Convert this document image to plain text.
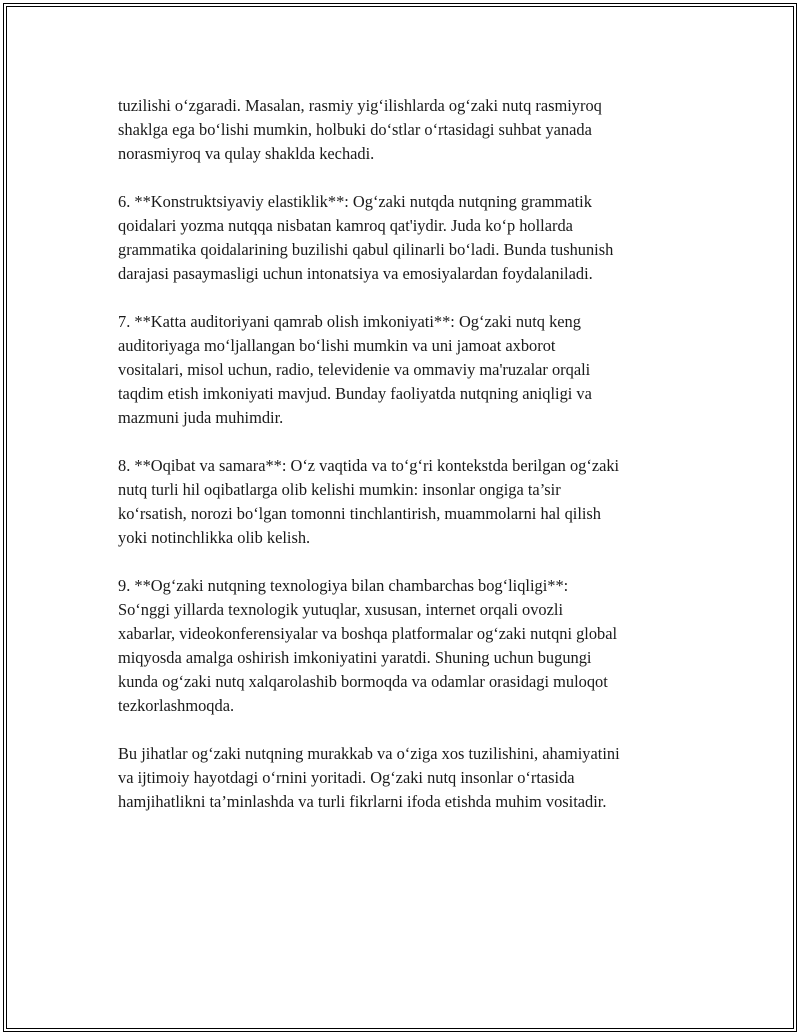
tuzilishi o‘zgaradi. Masalan, rasmiy yig‘ilishlarda og‘zaki nutq rasmiyroq
shaklga ega bo‘lishi mumkin, holbuki do‘stlar o‘rtasidagi suhbat yanada
norasmiyroq va qulay shaklda kechadi.

6. **Konstruktsiyaviy elastiklik**: Og‘zaki nutqda nutqning grammatik
qoidalari yozma nutqqa nisbatan kamroq qat'iydir. Juda ko‘p hollarda
grammatika qoidalarining buzilishi qabul qilinarli bo‘ladi. Bunda tushunish
darajasi pasaymasligi uchun intonatsiya va emosiyalardan foydalaniladi.

7. **Katta auditoriyani qamrab olish imkoniyati**: Og‘zaki nutq keng
auditoriyaga mo‘ljallangan bo‘lishi mumkin va uni jamoat axborot
vositalari, misol uchun, radio, televidenie va ommaviy ma'ruzalar orqali
taqdim etish imkoniyati mavjud. Bunday faoliyatda nutqning aniqligi va
mazmuni juda muhimdir.

8. **Oqibat va samara**: O‘z vaqtida va to‘g‘ri kontekstda berilgan og‘zaki
nutq turli hil oqibatlarga olib kelishi mumkin: insonlar ongiga ta’sir
ko‘rsatish, norozi bo‘lgan tomonni tinchlantirish, muammolarni hal qilish
yoki notinchlikka olib kelish.

9. **Og‘zaki nutqning texnologiya bilan chambarchas bog‘liqligi**:
So‘nggi yillarda texnologik yutuqlar, xususan, internet orqali ovozli
xabarlar, videokonferensiyalar va boshqa platformalar og‘zaki nutqni global
miqyosda amalga oshirish imkoniyatini yaratdi. Shuning uchun bugungi
kunda og‘zaki nutq xalqarolashib bormoqda va odamlar orasidagi muloqot
tezkorlashmoqda.

Bu jihatlar og‘zaki nutqning murakkab va o‘ziga xos tuzilishini, ahamiyatini
va ijtimoiy hayotdagi o‘rnini yoritadi. Og‘zaki nutq insonlar o‘rtasida
hamjihatlikni ta’minlashda va turli fikrlarni ifoda etishda muhim vositadir.
